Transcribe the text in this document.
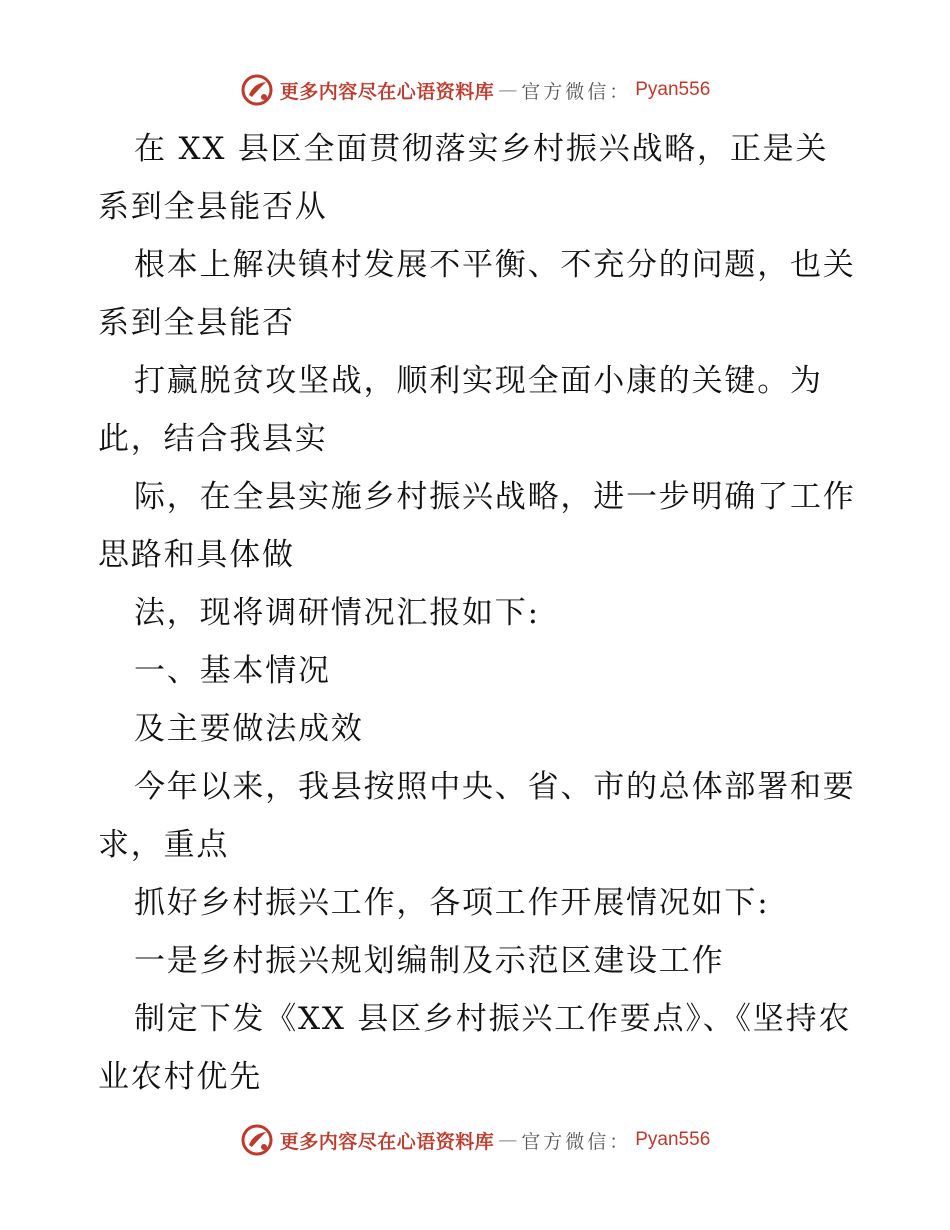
更多内容尽在心语资料库 — 官方微信： Pyan556

在 XX 县区全面贯彻落实乡村振兴战略，正是关系到全县能否从

根本上解决镇村发展不平衡、不充分的问题，也关系到全县能否

打赢脱贫攻坚战，顺利实现全面小康的关键。为此，结合我县实

际，在全县实施乡村振兴战略，进一步明确了工作思路和具体做

法，现将调研情况汇报如下:

一、基本情况

及主要做法成效

今年以来，我县按照中央、省、市的总体部署和要求，重点

抓好乡村振兴工作，各项工作开展情况如下:

一是乡村振兴规划编制及示范区建设工作

制定下发《XX 县区乡村振兴工作要点》、《坚持农业农村优先

更多内容尽在心语资料库 — 官方微信： Pyan556
